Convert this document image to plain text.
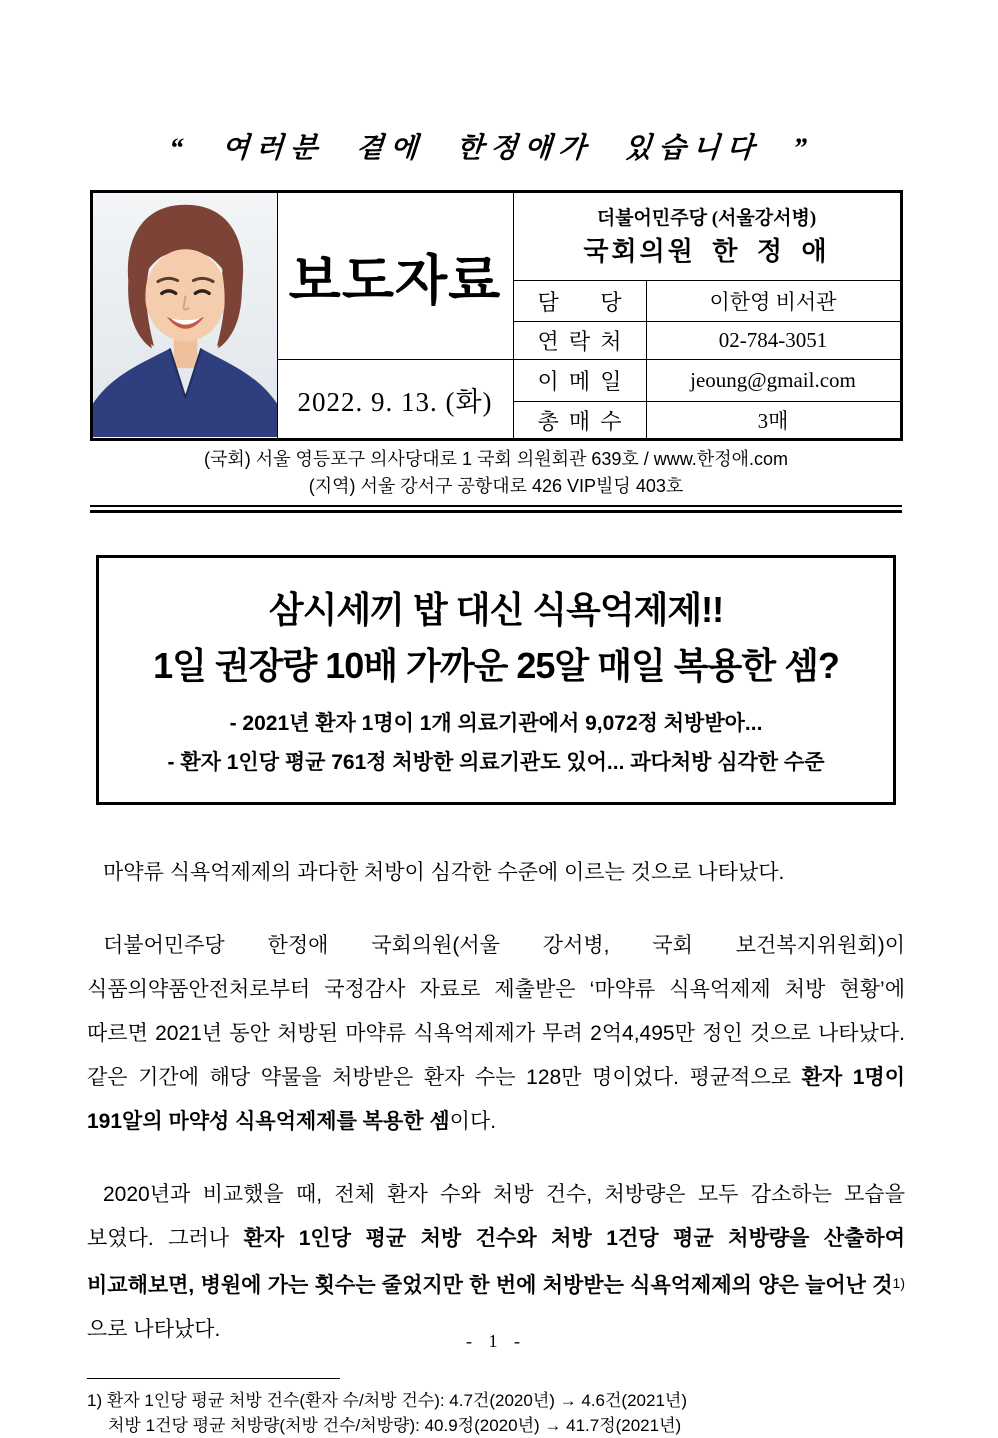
“ 여러분 곁에 한정애가 있습니다 ”
	보도자료	더불어민주당 (서울강서병)
국회의원 한 정 애	

		담 당	이한영 비서관
		연 락 처	02-784-3051
	2022. 9. 13. (화)	이 메 일	jeoung@gmail.com
		총 매 수	3매
(국회) 서울 영등포구 의사당대로 1 국회 의원회관 639호 / www.한정애.com
(지역) 서울 강서구 공항대로 426 VIP빌딩 403호
삼시세끼 밥 대신 식욕억제제!!
1일 권장량 10배 가까운 25알 매일 복용한 셈?
- 2021년 환자 1명이 1개 의료기관에서 9,072정 처방받아...
- 환자 1인당 평균 761정 처방한 의료기관도 있어... 과다처방 심각한 수준

마약류 식욕억제제의 과다한 처방이 심각한 수준에 이르는 것으로 나타났다.

더불어민주당 한정애 국회의원(서울 강서병, 국회 보건복지위원회)이 식품의약품안전처로부터 국정감사 자료로 제출받은 ‘마약류 식욕억제제 처방 현황’에 따르면 2021년 동안 처방된 마약류 식욕억제제가 무려 2억4,495만 정인 것으로 나타났다. 같은 기간에 해당 약물을 처방받은 환자 수는 128만 명이었다. 평균적으로 환자 1명이 191알의 마약성 식욕억제제를 복용한 셈이다.

2020년과 비교했을 때, 전체 환자 수와 처방 건수, 처방량은 모두 감소하는 모습을 보였다. 그러나 환자 1인당 평균 처방 건수와 처방 1건당 평균 처방량을 산출하여 비교해보면, 병원에 가는 횟수는 줄었지만 한 번에 처방받는 식욕억제제의 양은 늘어난 것$^{1)}$으로 나타났다.

1) 환자 1인당 평균 처방 건수(환자 수/처방 건수): 4.7건(2020년) → 4.6건(2021년)
처방 1건당 평균 처방량(처방 건수/처방량): 40.9정(2020년) → 41.7정(2021년)
- 1 -
